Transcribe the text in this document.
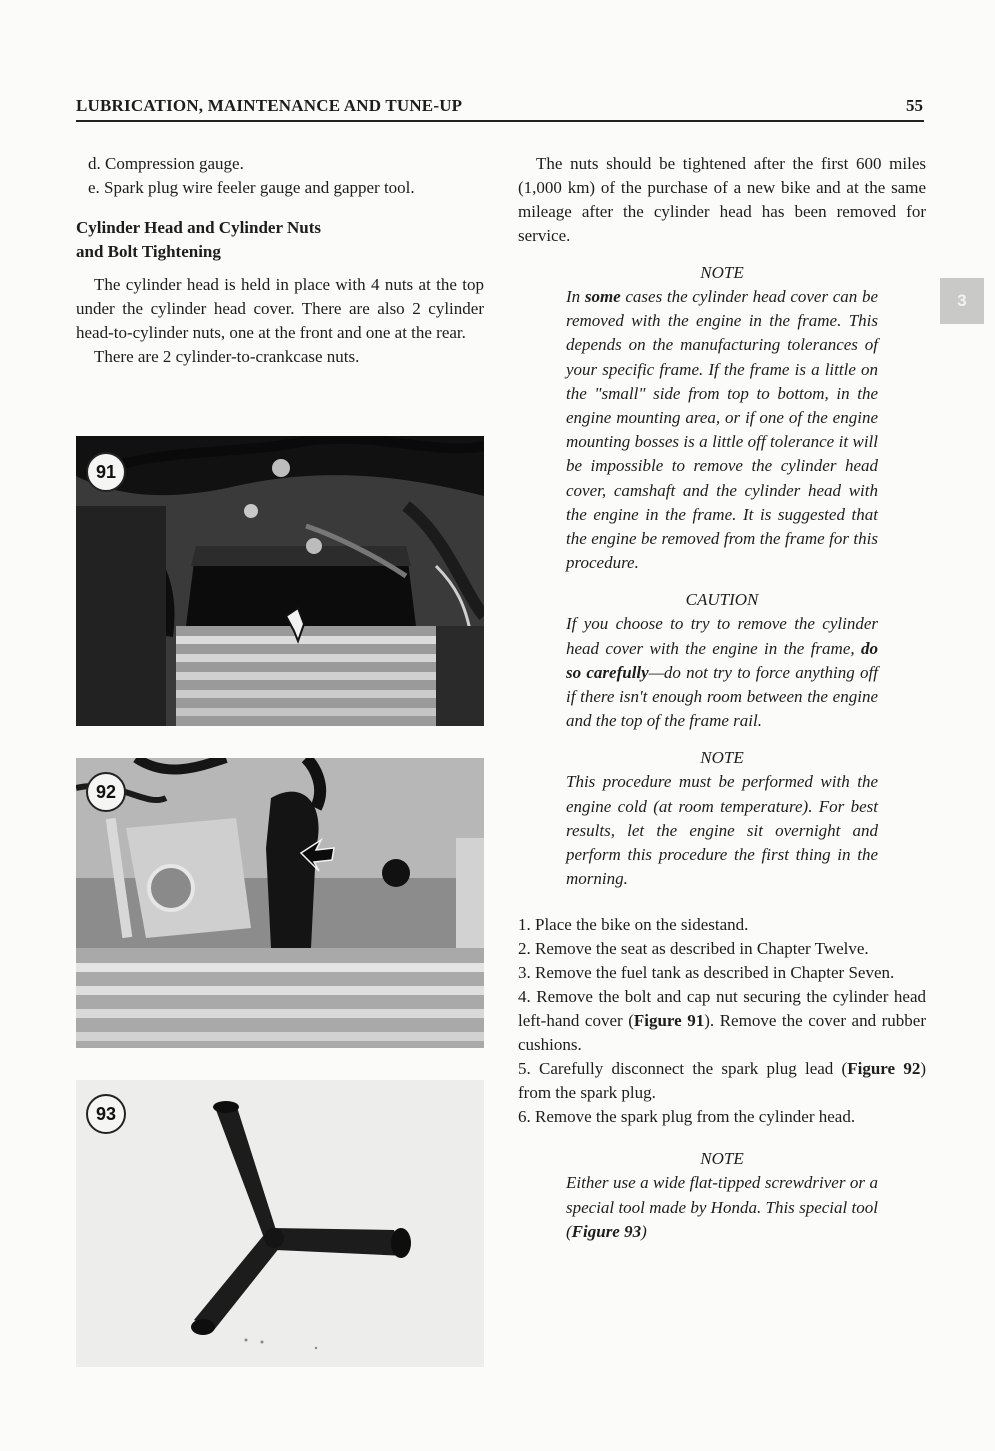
LUBRICATION, MAINTENANCE AND TUNE-UP	55
3
d. Compression gauge.
e. Spark plug wire feeler gauge and gapper tool.
Cylinder Head and Cylinder Nuts
and Bolt Tightening

The cylinder head is held in place with 4 nuts at the top under the cylinder head cover. There are also 2 cylinder head-to-cylinder nuts, one at the front and one at the rear.

There are 2 cylinder-to-crankcase nuts.

91
92
93

The nuts should be tightened after the first 600 miles (1,000 km) of the purchase of a new bike and at the same mileage after the cylinder head has been removed for service.

NOTE
In some cases the cylinder head cover can be removed with the engine in the frame. This depends on the manufacturing tolerances of your specific frame. If the frame is a little on the "small" side from top to bottom, in the engine mounting area, or if one of the engine mounting bosses is a little off tolerance it will be impossible to remove the cylinder head cover, camshaft and the cylinder head with the engine in the frame. It is suggested that the engine be removed from the frame for this procedure.
CAUTION
If you choose to try to remove the cylinder head cover with the engine in the frame, do so carefully—do not try to force anything off if there isn't enough room between the engine and the top of the frame rail.
NOTE
This procedure must be performed with the engine cold (at room temperature). For best results, let the engine sit overnight and perform this procedure the first thing in the morning.
1. Place the bike on the sidestand.
2. Remove the seat as described in Chapter Twelve.
3. Remove the fuel tank as described in Chapter Seven.
4. Remove the bolt and cap nut securing the cylinder head left-hand cover (Figure 91). Remove the cover and rubber cushions.
5. Carefully disconnect the spark plug lead (Figure 92) from the spark plug.
6. Remove the spark plug from the cylinder head.
NOTE
Either use a wide flat-tipped screwdriver or a special tool made by Honda. This special tool (Figure 93)
